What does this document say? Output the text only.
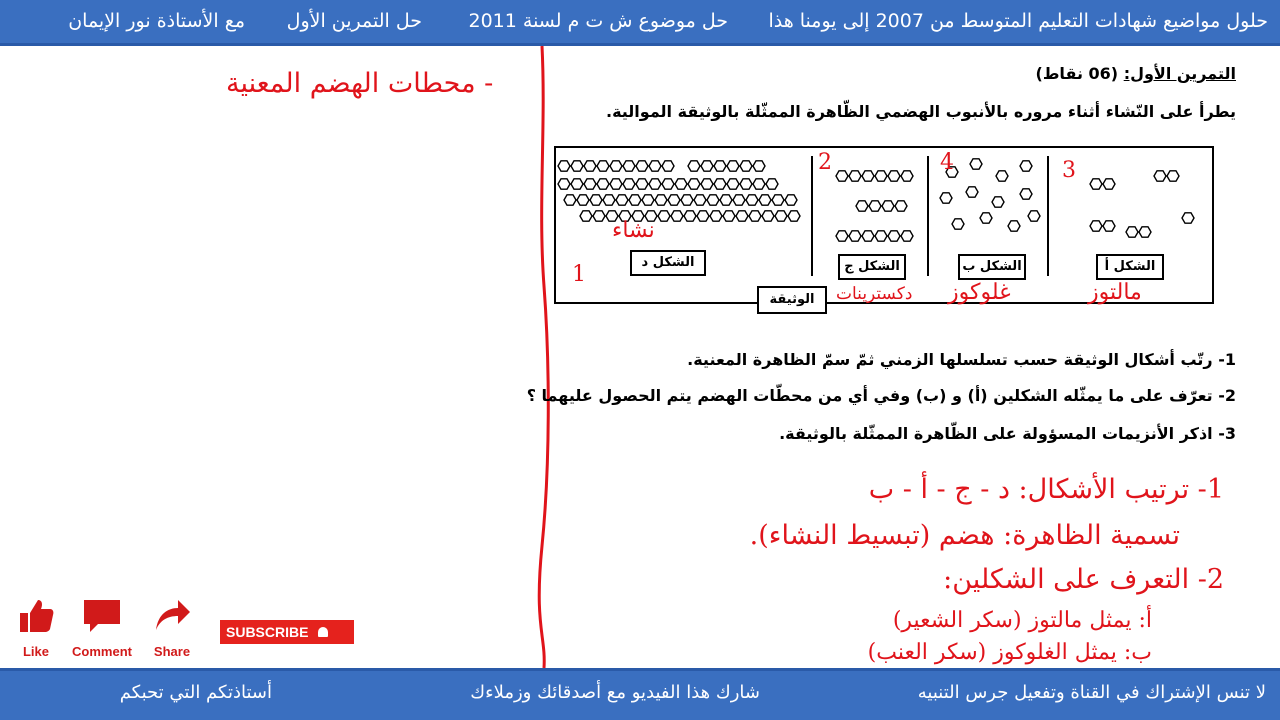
حلول مواضيع شهادات التعليم المتوسط من 2007 إلى يومنا هذا
حل موضوع ش ت م لسنة 2011
حل التمرين الأول
مع الأستاذة نور الإيمان
- محطات الهضم المعنية	التمرين الأول: (06 نقاط)
يطرأ على النّشاء أثناء مروره بالأنبوب الهضمي الظّاهرة الممثّلة بالوثيقة الموالية.
الشكل د	الشكل ج	الشكل ب	الشكل أ
الوثيقة
1- رتّب أشكال الوثيقة حسب تسلسلها الزمني ثمّ سمّ الظاهرة المعنية.
2- تعرّف على ما يمثّله الشكلين (أ) و (ب) وفي أي من محطّات الهضم يتم الحصول عليهما ؟
3- اذكر الأنزيمات المسؤولة على الظّاهرة الممثّلة بالوثيقة.
نشاء
1
2	4	3
دكسترينات غلوكوز	مالتوز
1- ترتيب الأشكال: د - ج - أ - ب
تسمية الظاهرة: هضم (تبسيط النشاء).
2- التعرف على الشكلين:
أ: يمثل مالتوز (سكر الشعير)
ب: يمثل الغلوكوز (سكر العنب)
Like	Comment	Share
SUBSCRIBE
لا تنس الإشتراك في القناة وتفعيل جرس التنبيه
شارك هذا الفيديو مع أصدقائك وزملاءك
أستاذتكم التي تحبكم
